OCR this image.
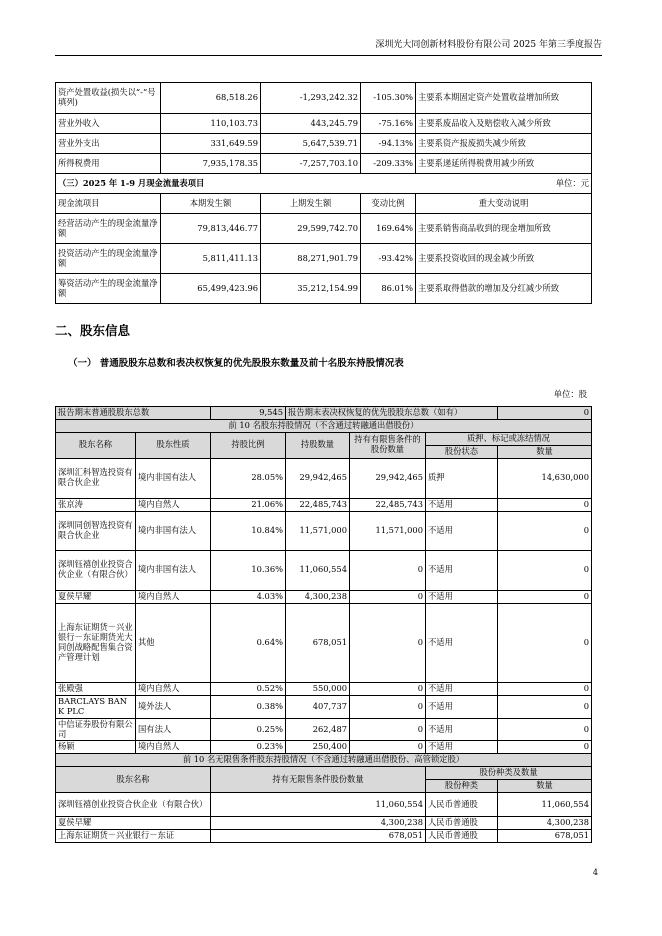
深圳光大同创新材料股份有限公司 2025 年第三季度报告
资产处置收益(损失以“-”号填列)	68,518.26	-1,293,242.32	-105.30%	主要系本期固定资产处置收益增加所致
营业外收入	110,103.73	443,245.79	-75.16%	主要系废品收入及赔偿收入减少所致
营业外支出	331,649.59	5,647,539.71	-94.13%	主要系资产报废损失减少所致
所得税费用	7,935,178.35	-7,257,703.10	-209.33%	主要系递延所得税费用减少所致
（三）2025 年 1-9 月现金流量表项目			单位：元	
现金流项目	本期发生额	上期发生额	变动比例	重大变动说明
经营活动产生的现金流量净额	79,813,446.77	29,599,742.70	169.64%	主要系销售商品收到的现金增加所致
投资活动产生的现金流量净额	5,811,411.13	88,271,901.79	-93.42%	主要系投资收回的现金减少所致
筹资活动产生的现金流量净额	65,499,423.96	35,212,154.99	86.01%	主要系取得借款的增加及分红减少所致
二、股东信息
（一） 普通股股东总数和表决权恢复的优先股股东数量及前十名股东持股情况表
单位：股
报告期末普通股股东总数		9,545	报告期末表决权恢复的优先股股东总数（如有）			0
前 10 名股东持股情况（不含通过转融通出借股份）						
股东名称	股东性质	持股比例	持股数量	持有有限售条件的股份数量	质押、标记或冻结情况	
					股份状态	数量
深圳汇科智选投资有限合伙企业	境内非国有法人	28.05%	29,942,465	29,942,465	质押	14,630,000
张京涛	境内自然人	21.06%	22,485,743	22,485,743	不适用	0
深圳同创智选投资有限合伙企业	境内非国有法人	10.84%	11,571,000	11,571,000	不适用	0
深圳钰禧创业投资合伙企业（有限合伙）	境内非国有法人	10.36%	11,060,554	0	不适用	0
夏侯早耀	境内自然人	4.03%	4,300,238	0	不适用	0
上海东证期货－兴业银行－东证期货光大同创战略配售集合资产管理计划	其他	0.64%	678,051	0	不适用	0
张殿强	境内自然人	0.52%	550,000	0	不适用	0
BARCLAYS BANK PLC	境外法人	0.38%	407,737	0	不适用	0
中信证券股份有限公司	国有法人	0.25%	262,487	0	不适用	0
杨颖	境内自然人	0.23%	250,400	0	不适用	0
前 10 名无限售条件股东持股情况（不含通过转融通出借股份、高管锁定股）						
股东名称		持有无限售条件股份数量			股份种类及数量	
					股份种类	数量
深圳钰禧创业投资合伙企业（有限合伙）		11,060,554			人民币普通股	11,060,554
夏侯早耀		4,300,238			人民币普通股	4,300,238
上海东证期货－兴业银行－东证		678,051			人民币普通股	678,051
4
